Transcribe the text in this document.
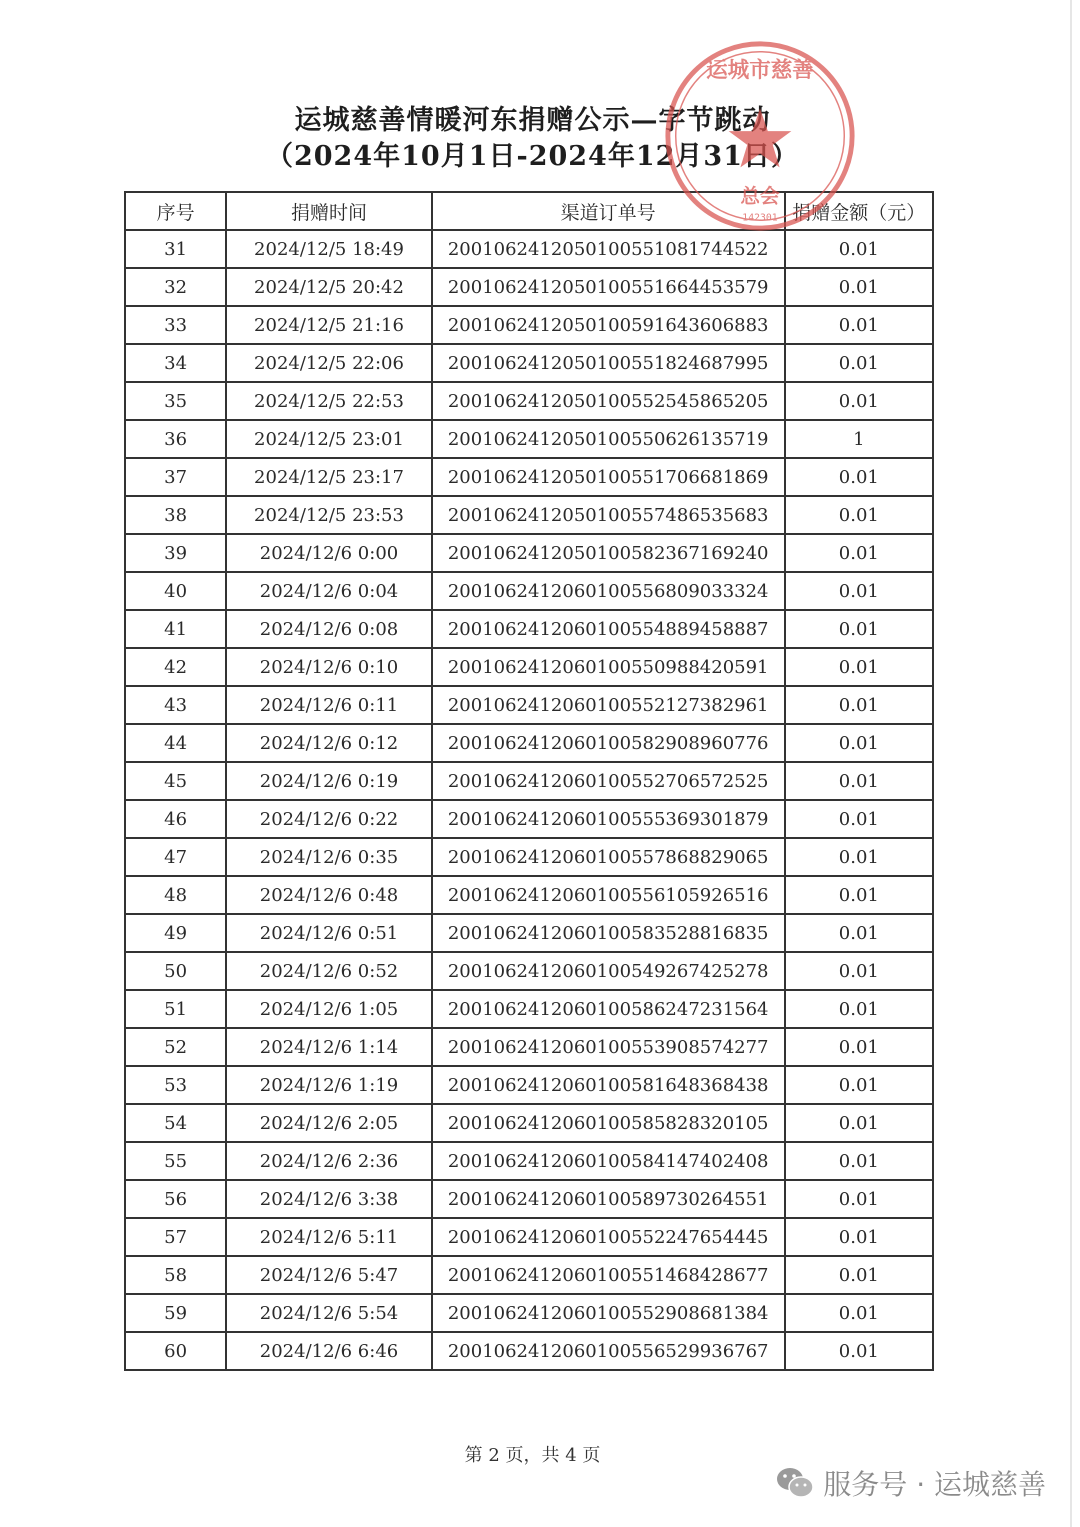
运城慈善情暖河东捐赠公示—字节跳动
（2024年10月1日-2024年12月31日）
序号	捐赠时间	渠道订单号	捐赠金额（元）
31	2024/12/5 18:49	20010624120501005510817445​22	0.01
32	2024/12/5 20:42	2001062412050100551664453579	0.01
33	2024/12/5 21:16	2001062412050100591643606883	0.01
34	2024/12/5 22:06	2001062412050100551824687995	0.01
35	2024/12/5 22:53	2001062412050100552545865205	0.01
36	2024/12/5 23:01	2001062412050100550626135719	1
37	2024/12/5 23:17	2001062412050100551706681869	0.01
38	2024/12/5 23:53	2001062412050100557486535683	0.01
39	2024/12/6 0:00	2001062412050100582367169240	0.01
40	2024/12/6 0:04	2001062412060100556809033324	0.01
41	2024/12/6 0:08	2001062412060100554889458887	0.01
42	2024/12/6 0:10	2001062412060100550988420591	0.01
43	2024/12/6 0:11	2001062412060100552127382961	0.01
44	2024/12/6 0:12	2001062412060100582908960776	0.01
45	2024/12/6 0:19	2001062412060100552706572525	0.01
46	2024/12/6 0:22	2001062412060100555369301879	0.01
47	2024/12/6 0:35	2001062412060100557868829065	0.01
48	2024/12/6 0:48	2001062412060100556105926516	0.01
49	2024/12/6 0:51	2001062412060100583528816835	0.01
50	2024/12/6 0:52	2001062412060100549267425278	0.01
51	2024/12/6 1:05	2001062412060100586247231564	0.01
52	2024/12/6 1:14	2001062412060100553908574277	0.01
53	2024/12/6 1:19	2001062412060100581648368438	0.01
54	2024/12/6 2:05	2001062412060100585828320105	0.01
55	2024/12/6 2:36	2001062412060100584147402408	0.01
56	2024/12/6 3:38	2001062412060100589730264551	0.01
57	2024/12/6 5:11	2001062412060100552247654445	0.01
58	2024/12/6 5:47	2001062412060100551468428677	0.01
59	2024/12/6 5:54	2001062412060100552908681384	0.01
60	2024/12/6 6:46	2001062412060100556529936767	0.01
运城市慈善
总会
142301
第 2 页，共 4 页
服务号 · 运城慈善
